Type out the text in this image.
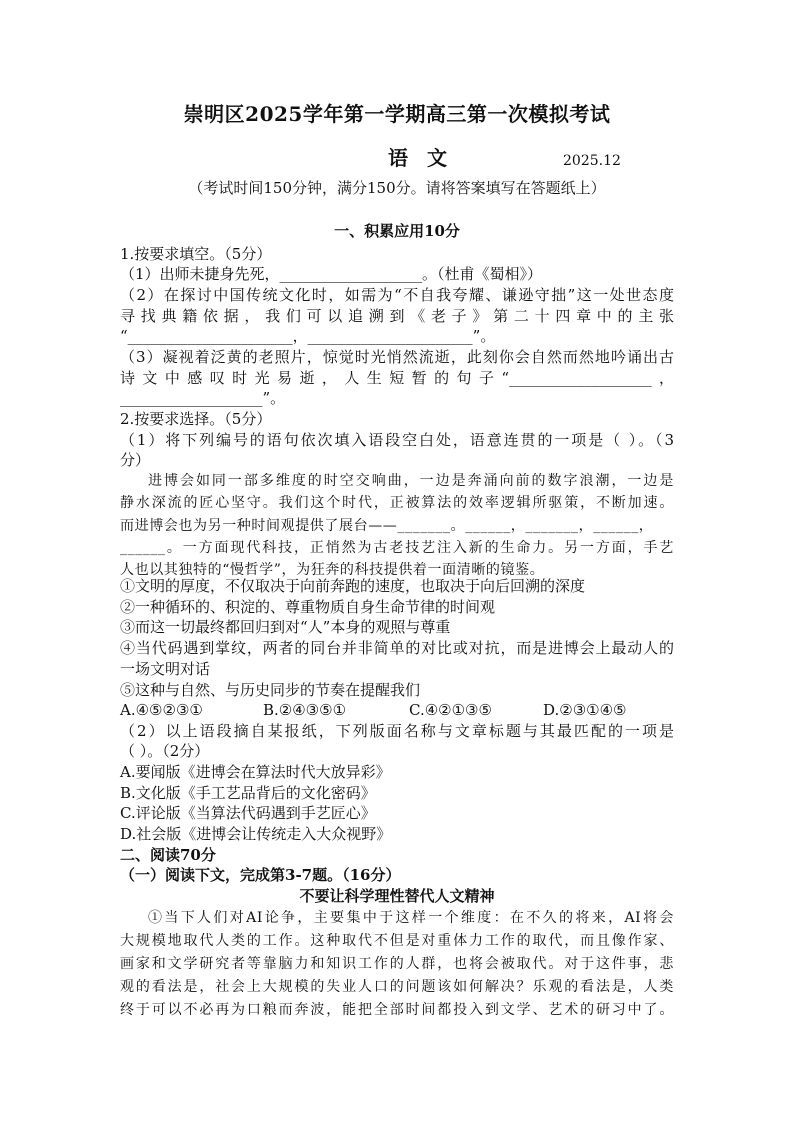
崇明区2025学年第一学期高三第一次模拟考试
语 文	2025.12
（考试时间150分钟，满分150分。请将答案填写在答题纸上）
一、积累应用10分
1.按要求填空。（5分）
（1）出师未捷身先死，___________________。（杜甫《蜀相》）
（2）在探讨中国传统文化时，如需为“不自我夸耀、谦逊守拙”这一处世态度
寻找典籍依据，我们可以追溯到《老子》第二十四章中的主张
“______________________，______________________”。
（3）凝视着泛黄的老照片，惊觉时光悄然流逝，此刻你会自然而然地吟诵出古
诗文中感叹时光易逝，人生短暂的句子“___________________，
___________________”。
2.按要求选择。（5分）
（1）将下列编号的语句依次填入语段空白处，语意连贯的一项是（ ）。（3
分）
进博会如同一部多维度的时空交响曲，一边是奔涌向前的数字浪潮，一边是
静水深流的匠心坚守。我们这个时代，正被算法的效率逻辑所驱策，不断加速。
而进博会也为另一种时间观提供了展台——_______。______，_______，______，
______。一方面现代科技，正悄然为古老技艺注入新的生命力。另一方面，手艺
人也以其独特的“慢哲学”，为狂奔的科技提供着一面清晰的镜鉴。
①文明的厚度，不仅取决于向前奔跑的速度，也取决于向后回溯的深度
②一种循环的、积淀的、尊重物质自身生命节律的时间观
③而这一切最终都回归到对“人”本身的观照与尊重
④当代码遇到掌纹，两者的同台并非简单的对比或对抗，而是进博会上最动人的
一场文明对话
⑤这种与自然、与历史同步的节奏在提醒我们
A.④⑤②③①	B.②④③⑤①	C.④②①③⑤	D.②③①④⑤
（2）以上语段摘自某报纸，下列版面名称与文章标题与其最匹配的一项是
（ ）。（2分）
A.要闻版《进博会在算法时代大放异彩》
B.文化版《手工艺品背后的文化密码》
C.评论版《当算法代码遇到手艺匠心》
D.社会版《进博会让传统走入大众视野》
二、阅读70分
（一）阅读下文，完成第3-7题。（16分）
不要让科学理性替代人文精神
①当下人们对AI论争，主要集中于这样一个维度：在不久的将来，AI将会
大规模地取代人类的工作。这种取代不但是对重体力工作的取代，而且像作家、
画家和文学研究者等靠脑力和知识工作的人群，也将会被取代。对于这件事，悲
观的看法是，社会上大规模的失业人口的问题该如何解决？乐观的看法是，人类
终于可以不必再为口粮而奔波，能把全部时间都投入到文学、艺术的研习中了。
